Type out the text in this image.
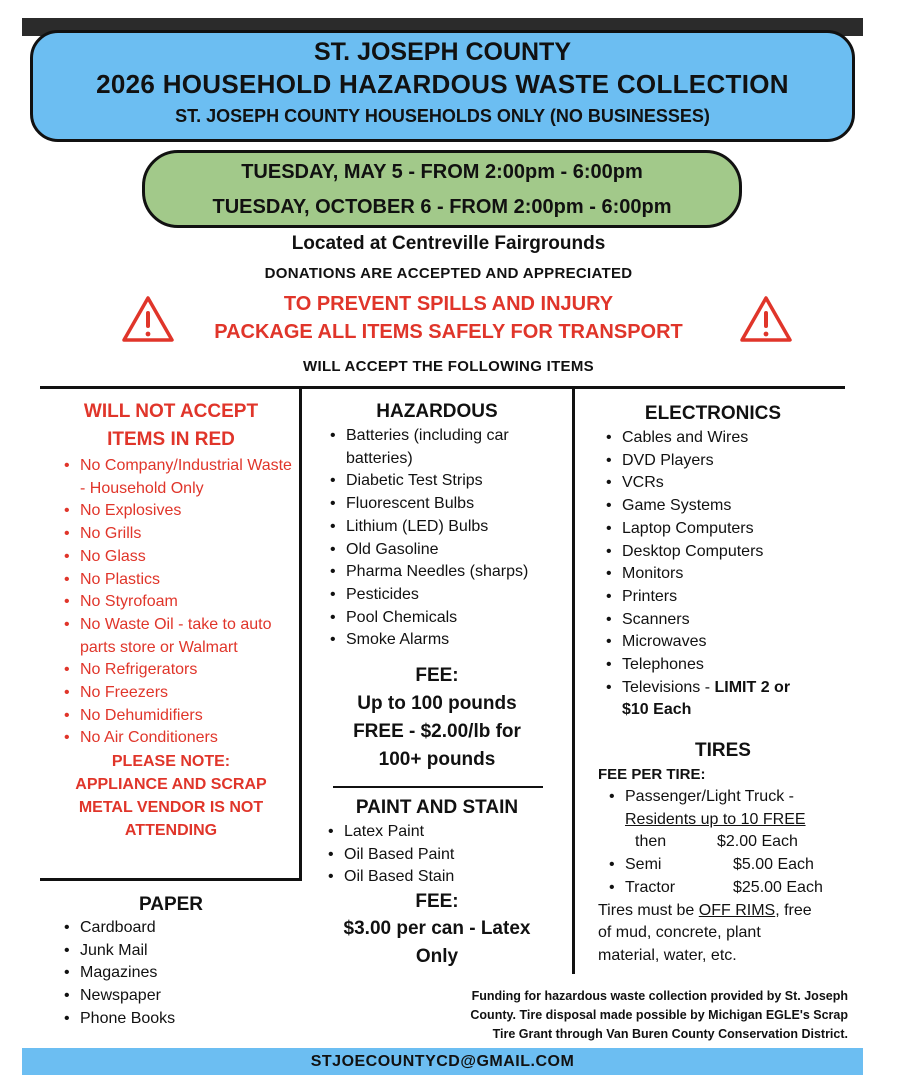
ST. JOSEPH COUNTY
2026 HOUSEHOLD HAZARDOUS WASTE COLLECTION
ST. JOSEPH COUNTY HOUSEHOLDS ONLY (NO BUSINESSES)
TUESDAY, MAY 5 - FROM 2:00pm - 6:00pm
TUESDAY, OCTOBER 6 - FROM 2:00pm - 6:00pm
Located at Centreville Fairgrounds
DONATIONS ARE ACCEPTED AND APPRECIATED
TO PREVENT SPILLS AND INJURY
PACKAGE ALL ITEMS SAFELY FOR TRANSPORT
WILL ACCEPT THE FOLLOWING ITEMS
WILL NOT ACCEPT
ITEMS IN RED
• No Company/Industrial Waste - Household Only
• No Explosives
• No Grills
• No Glass
• No Plastics
• No Styrofoam
• No Waste Oil - take to auto parts store or Walmart
• No Refrigerators
• No Freezers
• No Dehumidifiers
• No Air Conditioners
PLEASE NOTE:
APPLIANCE AND SCRAP
METAL VENDOR IS NOT
ATTENDING
PAPER
• Cardboard
• Junk Mail
• Magazines
• Newspaper
• Phone Books
HAZARDOUS
• Batteries (including car batteries)
• Diabetic Test Strips
• Fluorescent Bulbs
• Lithium (LED) Bulbs
• Old Gasoline
• Pharma Needles (sharps)
• Pesticides
• Pool Chemicals
• Smoke Alarms
FEE:
Up to 100 pounds
FREE - $2.00/lb for
100+ pounds
PAINT AND STAIN
• Latex Paint
• Oil Based Paint
• Oil Based Stain
FEE:
$3.00 per can - Latex
Only
ELECTRONICS
• Cables and Wires
• DVD Players
• VCRs
• Game Systems
• Laptop Computers
• Desktop Computers
• Monitors
• Printers
• Scanners
• Microwaves
• Telephones
• Televisions - LIMIT 2 or
$10 Each
TIRES
FEE PER TIRE:
• Passenger/Light Truck -
Residents up to 10 FREE
then	$2.00 Each
• Semi	$5.00 Each
• Tractor	$25.00 Each
Tires must be OFF RIMS, free
of mud, concrete, plant
material, water, etc.
Funding for hazardous waste collection provided by St. Joseph
County. Tire disposal made possible by Michigan EGLE's Scrap
Tire Grant through Van Buren County Conservation District.
STJOECOUNTYCD@GMAIL.COM
